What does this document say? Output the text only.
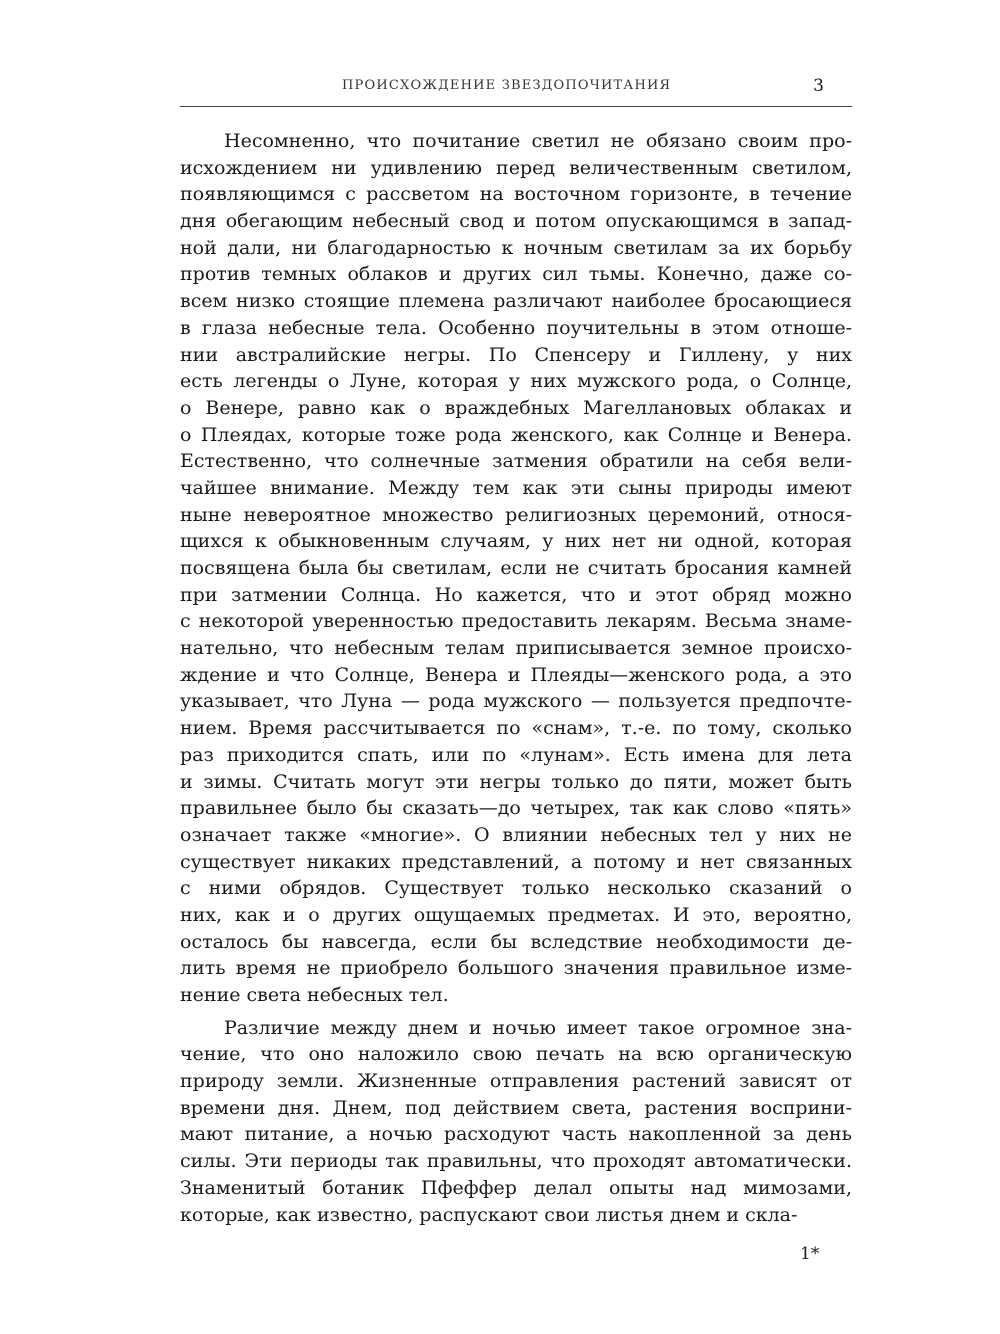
ПРОИСХОЖДЕНИЕ ЗВЕЗДОПОЧИТАНИЯ	3
Несомненно, что почитание светил не обязано своим про-
исхождением ни удивлению перед величественным светилом,
появляющимся с рассветом на восточном горизонте, в течение
дня обегающим небесный свод и потом опускающимся в запад-
ной дали, ни благодарностью к ночным светилам за их борьбу
против темных облаков и других сил тьмы. Конечно, даже со-
всем низко стоящие племена различают наиболее бросающиеся
в глаза небесные тела. Особенно поучительны в этом отноше-
нии австралийские негры. По Спенсеру и Гиллену, у них
есть легенды о Луне, которая у них мужского рода, о Солнце,
о Венере, равно как о враждебных Магеллановых облаках и
о Плеядах, которые тоже рода женского, как Солнце и Венера.
Естественно, что солнечные затмения обратили на себя вели-
чайшее внимание. Между тем как эти сыны природы имеют
ныне невероятное множество религиозных церемоний, относя-
щихся к обыкновенным случаям, у них нет ни одной, которая
посвящена была бы светилам, если не считать бросания камней
при затмении Солнца. Но кажется, что и этот обряд можно
с некоторой уверенностью предоставить лекарям. Весьма знаме-
нательно, что небесным телам приписывается земное происхо-
ждение и что Солнце, Венера и Плеяды—женского рода, а это
указывает, что Луна — рода мужского — пользуется предпочте-
нием. Время рассчитывается по «снам», т.-е. по тому, сколько
раз приходится спать, или по «лунам». Есть имена для лета
и зимы. Считать могут эти негры только до пяти, может быть
правильнее было бы сказать—до четырех, так как слово «пять»
означает также «многие». О влиянии небесных тел у них не
существует никаких представлений, а потому и нет связанных
с ними обрядов. Существует только несколько сказаний о
них, как и о других ощущаемых предметах. И это, вероятно,
осталось бы навсегда, если бы вследствие необходимости де-
лить время не приобрело большого значения правильное изме-
нение света небесных тел.
Различие между днем и ночью имеет такое огромное зна-
чение, что оно наложило свою печать на всю органическую
природу земли. Жизненные отправления растений зависят от
времени дня. Днем, под действием света, растения восприни-
мают питание, а ночью расходуют часть накопленной за день
силы. Эти периоды так правильны, что проходят автоматически.
Знаменитый ботаник Пфеффер делал опыты над мимозами,
которые, как известно, распускают свои листья днем и скла-
1*
